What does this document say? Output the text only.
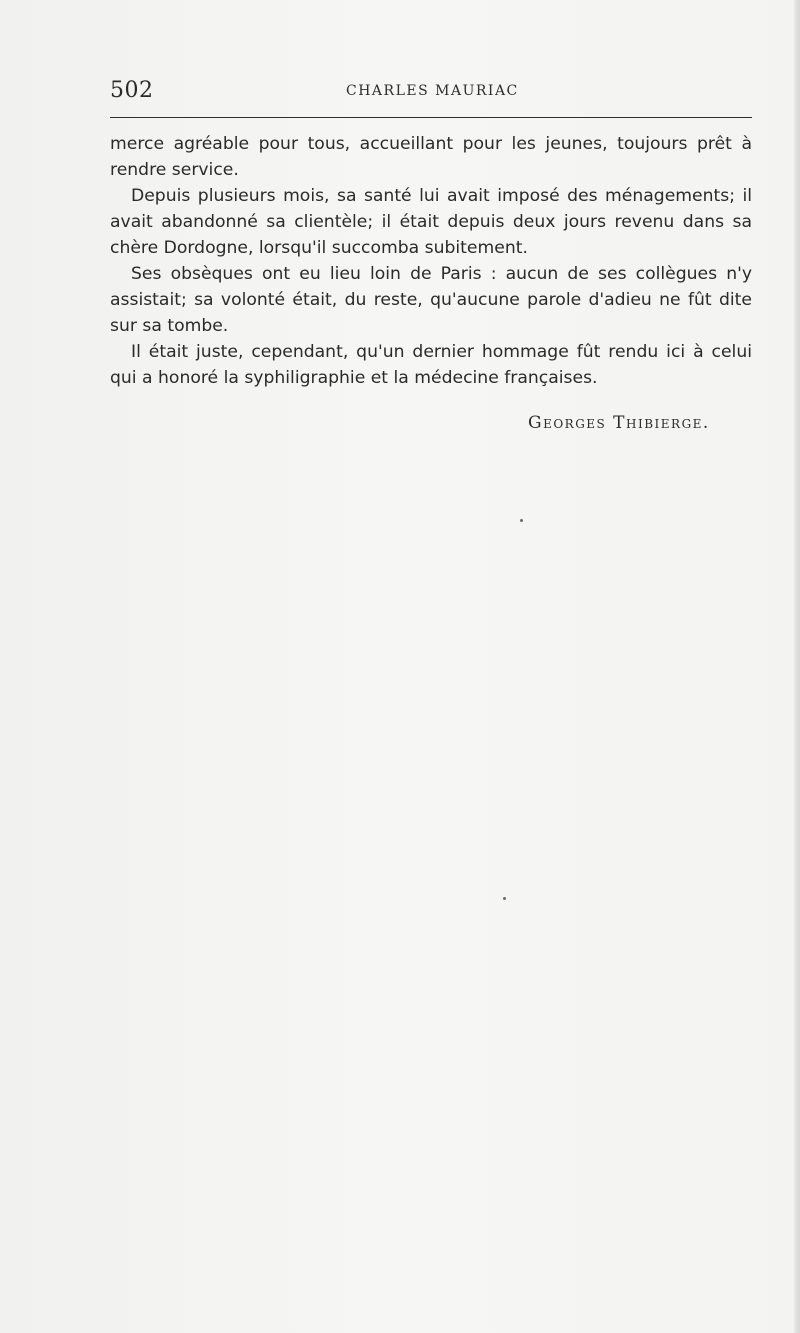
502	CHARLES MAURIAC

merce agréable pour tous, accueillant pour les jeunes, toujours prêt à rendre service.

Depuis plusieurs mois, sa santé lui avait imposé des ménagements; il avait abandonné sa clientèle; il était depuis deux jours revenu dans sa chère Dordogne, lorsqu'il succomba subitement.

Ses obsèques ont eu lieu loin de Paris : aucun de ses collègues n'y assistait; sa volonté était, du reste, qu'aucune parole d'adieu ne fût dite sur sa tombe.

Il était juste, cependant, qu'un dernier hommage fût rendu ici à celui qui a honoré la syphiligraphie et la médecine françaises.

Georges Thibierge.
